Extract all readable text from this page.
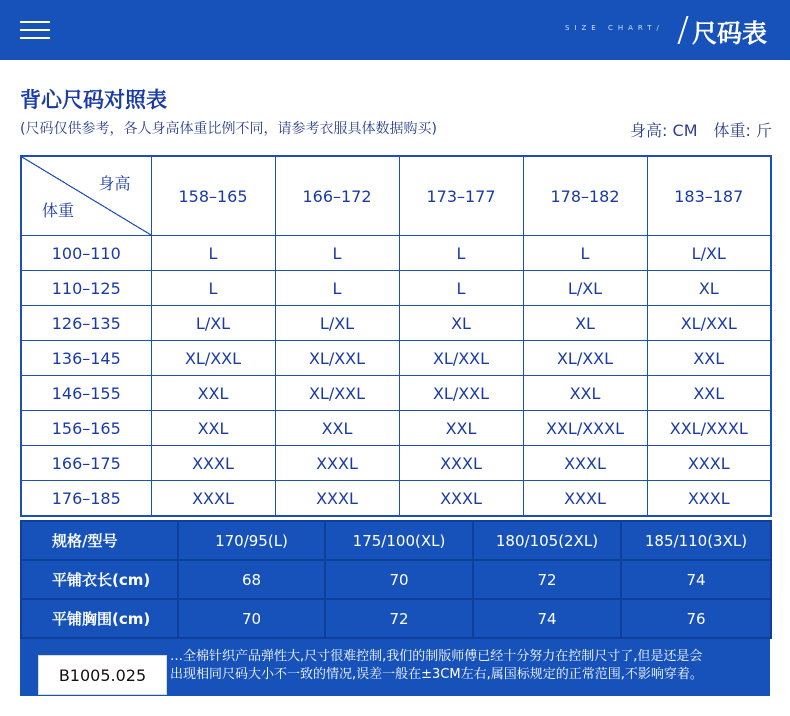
SIZE CHART/ 尺码表
背心尺码对照表
(尺码仅供参考，各人身高体重比例不同，请参考衣服具体数据购买)	身高: CM 体重: 斤
身高
体重	158–165	166–172	173–177	178–182	183–187
100–110	L	L	L	L	L/XL
110–125	L	L	L	L/XL	XL
126–135	L/XL	L/XL	XL	XL	XL/XXL
136–145	XL/XXL	XL/XXL	XL/XXL	XL/XXL	XXL
146–155	XXL	XL/XXL	XL/XXL	XXL	XXL
156–165	XXL	XXL	XXL	XXL/XXXL	XXL/XXXL
166–175	XXXL	XXXL	XXXL	XXXL	XXXL
176–185	XXXL	XXXL	XXXL	XXXL	XXXL
规格/型号	170/95(L)	175/100(XL)	180/105(2XL)	185/110(3XL)
平铺衣长(cm)	68	70	72	74
平铺胸围(cm)	70	72	74	76
…全棉针织产品弹性大,尺寸很难控制,我们的制版师傅已经十分努力在控制尺寸了,但是还是会
出现相同尺码大小不一致的情况,误差一般在±3CM左右,属国标规定的正常范围,不影响穿着。
B1005.025
